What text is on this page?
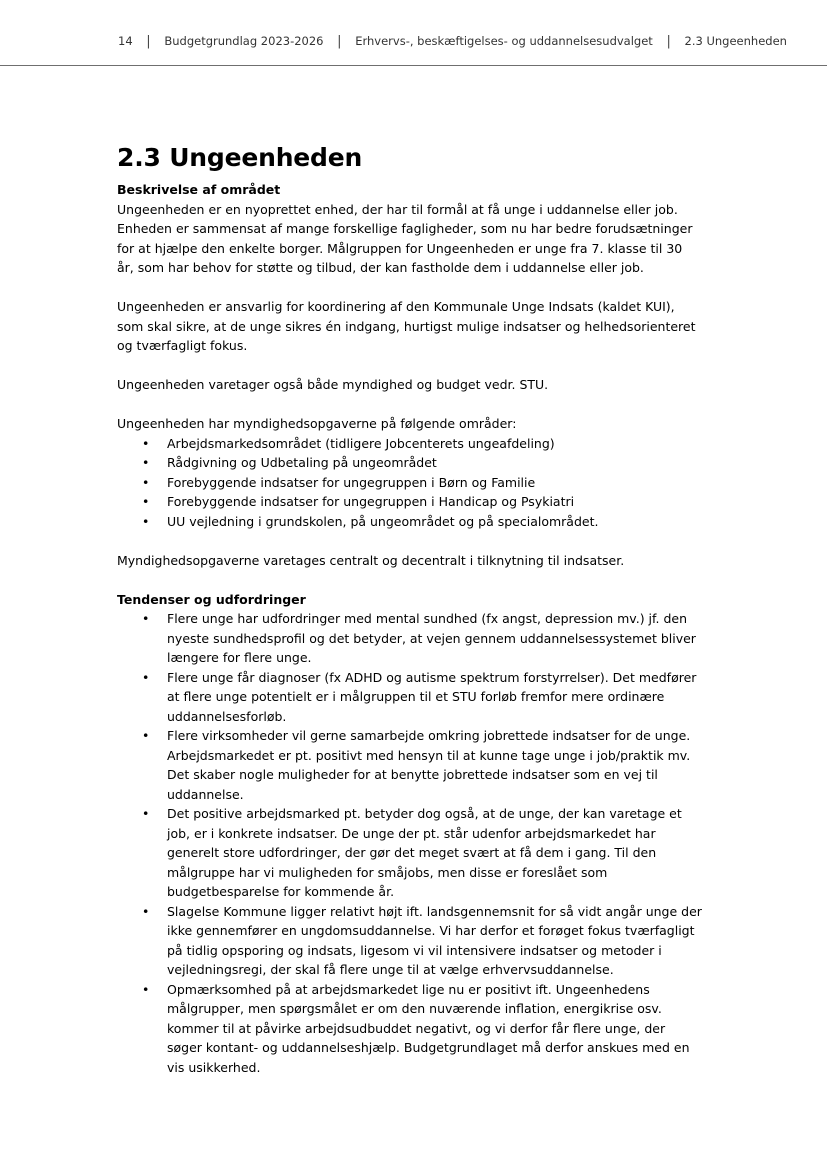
14 | Budgetgrundlag 2023-2026 | Erhvervs-, beskæftigelses- og uddannelsesudvalget | 2.3 Ungeenheden
2.3 Ungeenheden
Beskrivelse af området

Ungeenheden er en nyoprettet enhed, der har til formål at få unge i uddannelse eller job.
Enheden er sammensat af mange forskellige fagligheder, som nu har bedre forudsætninger
for at hjælpe den enkelte borger. Målgruppen for Ungeenheden er unge fra 7. klasse til 30
år, som har behov for støtte og tilbud, der kan fastholde dem i uddannelse eller job.

Ungeenheden er ansvarlig for koordinering af den Kommunale Unge Indsats (kaldet KUI),
som skal sikre, at de unge sikres én indgang, hurtigst mulige indsatser og helhedsorienteret
og tværfagligt fokus.

Ungeenheden varetager også både myndighed og budget vedr. STU.

Ungeenheden har myndighedsopgaverne på følgende områder:

• Arbejdsmarkedsområdet (tidligere Jobcenterets ungeafdeling)
• Rådgivning og Udbetaling på ungeområdet
• Forebyggende indsatser for ungegruppen i Børn og Familie
• Forebyggende indsatser for ungegruppen i Handicap og Psykiatri
• UU vejledning i grundskolen, på ungeområdet og på specialområdet.

Myndighedsopgaverne varetages centralt og decentralt i tilknytning til indsatser.

Tendenser og udfordringer
• Flere unge har udfordringer med mental sundhed (fx angst, depression mv.) jf. den
nyeste sundhedsprofil og det betyder, at vejen gennem uddannelsessystemet bliver
længere for flere unge.
• Flere unge får diagnoser (fx ADHD og autisme spektrum forstyrrelser). Det medfører
at flere unge potentielt er i målgruppen til et STU forløb fremfor mere ordinære
uddannelsesforløb.
• Flere virksomheder vil gerne samarbejde omkring jobrettede indsatser for de unge.
Arbejdsmarkedet er pt. positivt med hensyn til at kunne tage unge i job/praktik mv.
Det skaber nogle muligheder for at benytte jobrettede indsatser som en vej til
uddannelse.
• Det positive arbejdsmarked pt. betyder dog også, at de unge, der kan varetage et
job, er i konkrete indsatser. De unge der pt. står udenfor arbejdsmarkedet har
generelt store udfordringer, der gør det meget svært at få dem i gang. Til den
målgruppe har vi muligheden for småjobs, men disse er foreslået som
budgetbesparelse for kommende år.
• Slagelse Kommune ligger relativt højt ift. landsgennemsnit for så vidt angår unge der
ikke gennemfører en ungdomsuddannelse. Vi har derfor et forøget fokus tværfagligt
på tidlig opsporing og indsats, ligesom vi vil intensivere indsatser og metoder i
vejledningsregi, der skal få flere unge til at vælge erhvervsuddannelse.
• Opmærksomhed på at arbejdsmarkedet lige nu er positivt ift. Ungeenhedens
målgrupper, men spørgsmålet er om den nuværende inflation, energikrise osv.
kommer til at påvirke arbejdsudbuddet negativt, og vi derfor får flere unge, der
søger kontant- og uddannelseshjælp. Budgetgrundlaget må derfor anskues med en
vis usikkerhed.
